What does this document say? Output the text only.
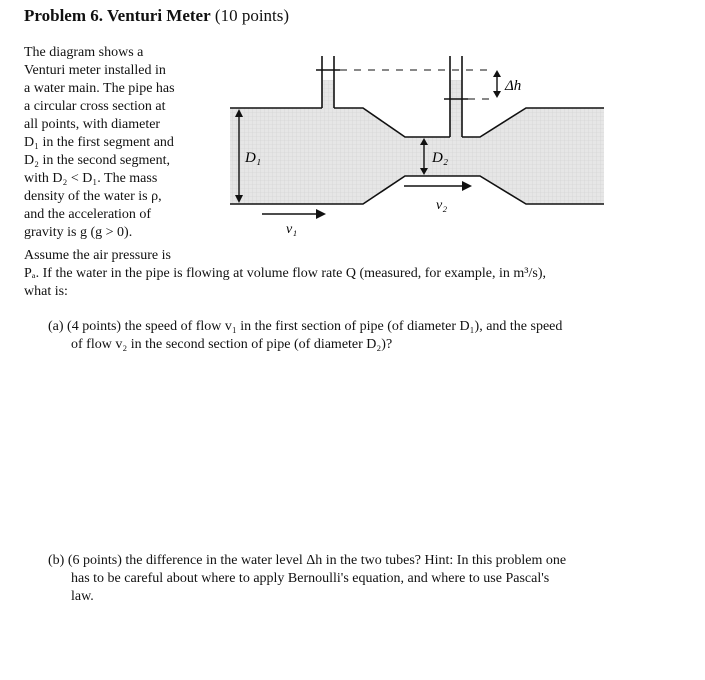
Problem 6. Venturi Meter (10 points)
The diagram shows a
Venturi meter installed in
a water main. The pipe has
a circular cross section at
all points, with diameter
D₁ in the first segment and
D₂ in the second segment,
with D₂ < D₁. The mass
density of the water is ρ,
and the acceleration of
gravity is g (g > 0).
Assume the air pressure is
Pₐ. If the water in the pipe is flowing at volume flow rate Q (measured, for example, in m³/s),
what is:
(a) (4 points) the speed of flow v₁ in the first section of pipe (of diameter D₁), and the speed
of flow v₂ in the second section of pipe (of diameter D₂)?
(b) (6 points) the difference in the water level Δh in the two tubes? Hint: In this problem one
has to be careful about where to apply Bernoulli's equation, and where to use Pascal's
law.
Δh
D₁	D₂
v₁
v₂
